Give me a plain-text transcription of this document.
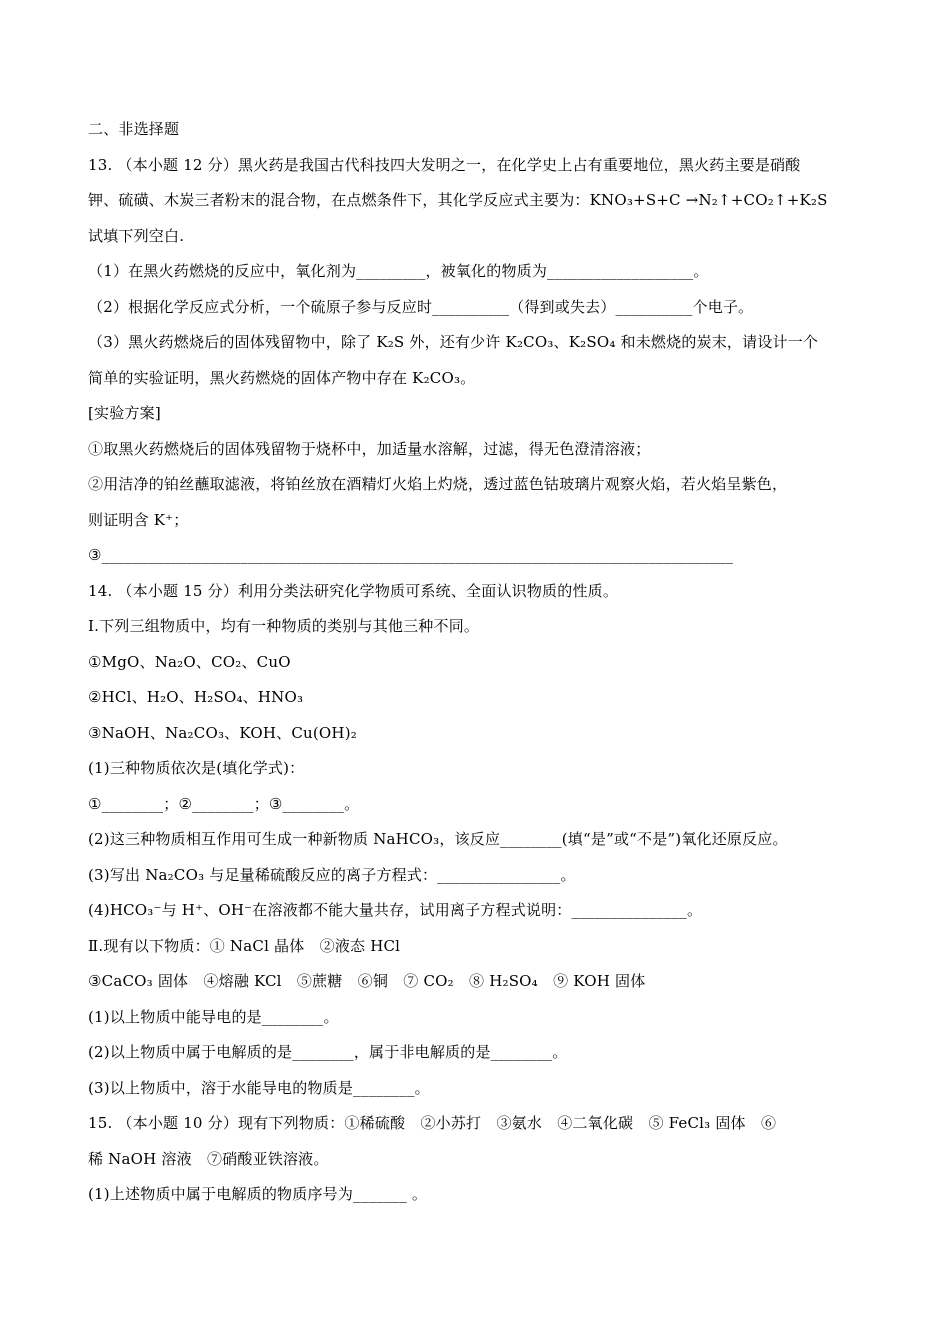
二、非选择题
13. （本小题 12 分）黑火药是我国古代科技四大发明之一，在化学史上占有重要地位，黑火药主要是硝酸
钾、硫磺、木炭三者粉末的混合物，在点燃条件下，其化学反应式主要为：KNO₃+S+C →N₂↑+CO₂↑+K₂S
试填下列空白.
（1）在黑火药燃烧的反应中，氧化剂为_________，被氧化的物质为___________________。
（2）根据化学反应式分析，一个硫原子参与反应时__________（得到或失去）__________个电子。
（3）黑火药燃烧后的固体残留物中，除了 K₂S 外，还有少许 K₂CO₃、K₂SO₄ 和未燃烧的炭末，请设计一个
简单的实验证明，黑火药燃烧的固体产物中存在 K₂CO₃。
[实验方案]
①取黑火药燃烧后的固体残留物于烧杯中，加适量水溶解，过滤，得无色澄清溶液；
②用洁净的铂丝蘸取滤液，将铂丝放在酒精灯火焰上灼烧，透过蓝色钴玻璃片观察火焰，若火焰呈紫色，
则证明含 K⁺；
③__________________________________________________________________________________
14. （本小题 15 分）利用分类法研究化学物质可系统、全面认识物质的性质。
Ⅰ.下列三组物质中，均有一种物质的类别与其他三种不同。
①MgO、Na₂O、CO₂、CuO
②HCl、H₂O、H₂SO₄、HNO₃
③NaOH、Na₂CO₃、KOH、Cu(OH)₂
(1)三种物质依次是(填化学式)：
①________；②________；③________。
(2)这三种物质相互作用可生成一种新物质 NaHCO₃，该反应________(填“是”或“不是”)氧化还原反应。
(3)写出 Na₂CO₃ 与足量稀硫酸反应的离子方程式：________________。
(4)HCO₃⁻与 H⁺、OH⁻在溶液都不能大量共存，试用离子方程式说明：_______________。
Ⅱ.现有以下物质：① NaCl 晶体　②液态 HCl
③CaCO₃ 固体　④熔融 KCl　⑤蔗糖　⑥铜　⑦ CO₂　⑧ H₂SO₄　⑨ KOH 固体
(1)以上物质中能导电的是________。
(2)以上物质中属于电解质的是________，属于非电解质的是________。
(3)以上物质中，溶于水能导电的物质是________。
15. （本小题 10 分）现有下列物质：①稀硫酸　②小苏打　③氨水　④二氧化碳　⑤ FeCl₃ 固体　⑥
稀 NaOH 溶液　⑦硝酸亚铁溶液。
(1)上述物质中属于电解质的物质序号为_______ 。
